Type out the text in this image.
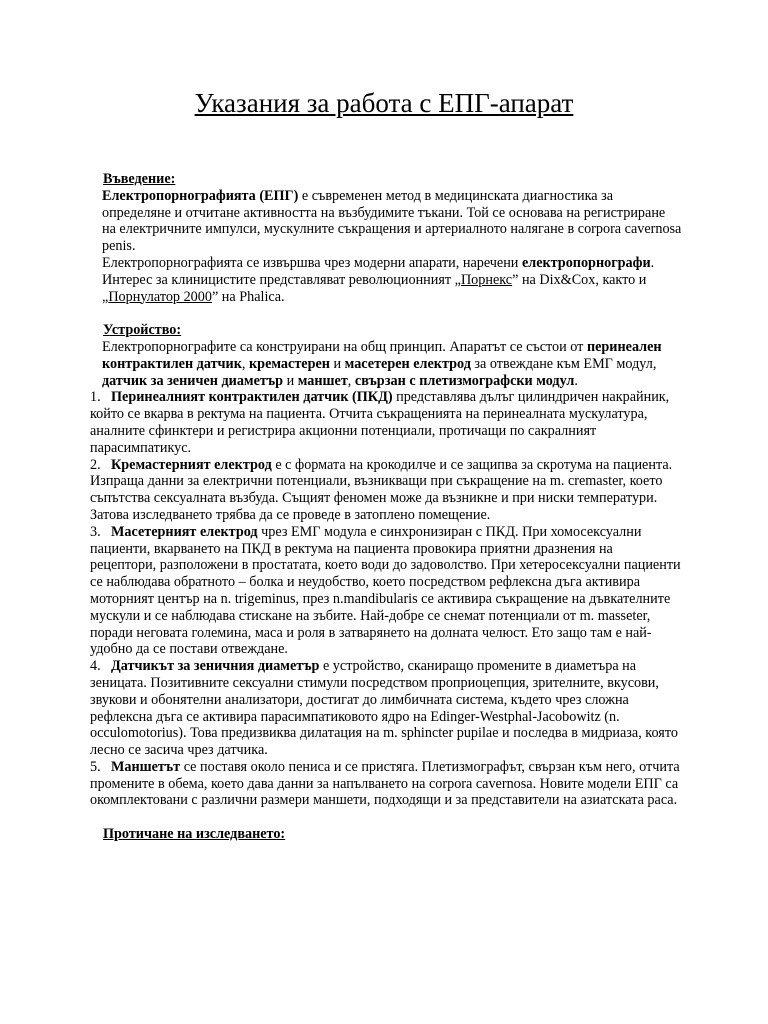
Указания за работа с ЕПГ-апарат

Въведение:

Електропорнографията (ЕПГ) е съвременен метод в медицинската диагностика за определяне и отчитане активността на възбудимите тъкани. Той се основава на регистриране на електричните импулси, мускулните съкращения и артериалното налягане в corpora cavernosa penis.

Електропорнографията се извършва чрез модерни апарати, наречени електропорнографи. Интерес за клиницистите представляват революционният „Порнекс” на Dix&Cox, както и „Порнулатор 2000” на Phalica.

Устройство:

Електропорнографите са конструирани на общ принцип. Апаратът се състои от перинеален контрактилен датчик, кремастерен и масетерен електрод за отвеждане към ЕМГ модул, датчик за зеничен диаметър и маншет, свързан с плетизмографски модул.

1. Перинеалният контрактилен датчик (ПКД) представлява дълъг цилиндричен накрайник, който се вкарва в ректума на пациента. Отчита съкращенията на перинеалната мускулатура, аналните сфинктери и регистрира акционни потенциали, протичащи по сакралният парасимпатикус.

2. Кремастерният електрод е с формата на крокодилче и се защипва за скротума на пациента. Изпраща данни за електрични потенциали, възникващи при съкращение на m. cremaster, което съпътства сексуалната възбуда. Същият феномен може да възникне и при ниски температури. Затова изследването трябва да се проведе в затоплено помещение.

3. Масетерният електрод чрез ЕМГ модула е синхронизиран с ПКД. При хомосексуални пациенти, вкарването на ПКД в ректума на пациента провокира приятни дразнения на рецептори, разположени в простатата, което води до задоволство. При хетеросексуални пациенти се наблюдава обратното – болка и неудобство, което посредством рефлексна дъга активира моторният център на n. trigeminus, през n.mandibularis се активира съкращение на дъвкателните мускули и се наблюдава стискане на зъбите. Най-добре се снемат потенциали от m. masseter, поради неговата големина, маса и роля в затварянето на долната челюст. Ето защо там е най-удобно да се постави отвеждане.

4. Датчикът за зеничния диаметър е устройство, сканиращо промените в диаметъра на зеницата. Позитивните сексуални стимули посредством проприоцепция, зрителните, вкусови, звукови и обонятелни анализатори, достигат до лимбичната система, където чрез сложна рефлексна дъга се активира парасимпатиковото ядро на Edinger-Westphal-Jacobowitz (n. occulomotorius). Това предизвиква дилатация на m. sphincter pupilae и последва в мидриаза, която лесно се засича чрез датчика.

5. Маншетът се поставя около пениса и се пристяга. Плетизмографът, свързан към него, отчита промените в обема, което дава данни за напълването на corpora cavernosa. Новите модели ЕПГ са окомплектовани с различни размери маншети, подходящи и за представители на азиатската раса.

Протичане на изследването:
